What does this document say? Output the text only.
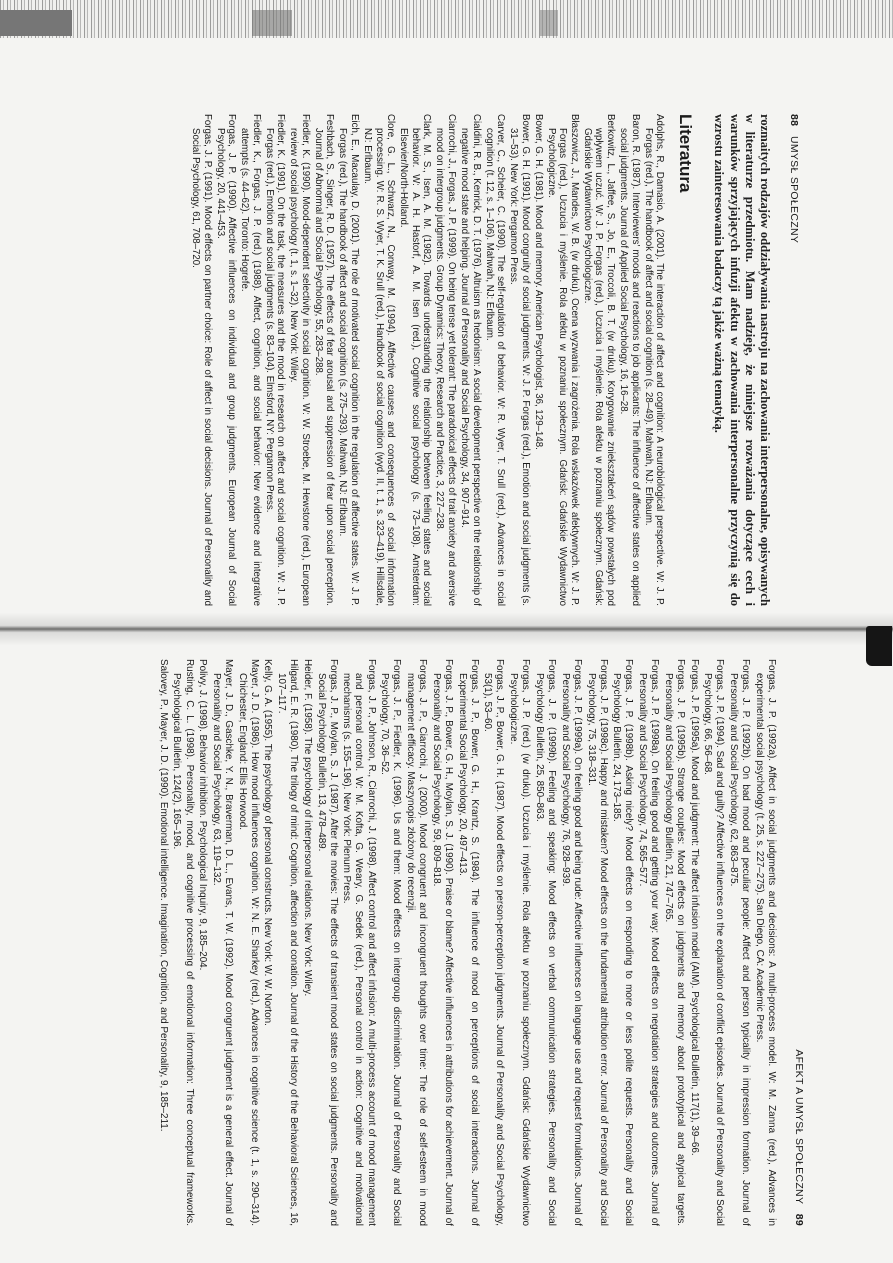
88   UMYSŁ SPOŁECZNY

rozmaitych rodzajów oddziaływania nastroju na zachowania interpersonalne, opisywanych w literaturze przedmiotu. Mam nadzieję, że niniejsze rozważania dotyczące cech i warunków sprzyjających infuzji afektu w zachowania interpersonalne przyczynią się do wzrostu zainteresowania badaczy tą jakże ważną tematyką.

Literatura
Adolphs, R., Damasio, A. (2001). The interaction of affect and cognition: A neurobiological perspective. W: J. P. Forgas (red.), The handbook of affect and social cognition (s. 28–49). Mahwah, NJ: Erlbaum.
Baron, R. (1987). Interviewers' moods and reactions to job applicants: The influence of affective states on applied social judgments. Journal of Applied Social Psychology, 16, 16–28.
Berkowitz, L., Jaffee, S., Jo, E., Troccoli, B. T. (w druku). Korygowanie zniekształceń sądów powstałych pod wpływem uczuć. W: J. P. Forgas (red.), Uczucia i myślenie. Rola afektu w poznaniu społecznym. Gdańsk: Gdańskie Wydawnictwo Psychologiczne.
Błaszowicz, J., Mandes, W. B. (w druku). Ocena wyzwania i zagrożenia. Rola wskazówek afektywnych. W: J. P. Forgas (red.), Uczucia i myślenie. Rola afektu w poznaniu społecznym. Gdańsk: Gdańskie Wydawnictwo Psychologiczne.
Bower, G. H. (1981). Mood and memory. American Psychologist, 36, 129–148.
Bower, G. H. (1991). Mood congruity of social judgments. W: J. P. Forgas (red.), Emotion and social judgments (s. 31–53). New York: Pergamon Press.
Carver, C., Scheier, C. (1990). The self-regulation of behavior. W: R. Wyer, T. Srull (red.), Advances in social cognition (t. 12, s. 1–106). Mahwah, NJ: Erlbaum.
Cialdini, R. B., Kenrick, D. T. (1976). Altruism as hedonism: A social development perspective on the relationship of negative mood state and helping. Journal of Personality and Social Psychology, 34, 907–914.
Ciarrochi, J., Forgas, J. P. (1999). On being tense yet tolerant: The paradoxical effects of trait anxiety and aversive mood on intergroup judgments. Group Dynamics: Theory, Research and Practice, 3, 227–238.
Clark, M. S., Isen, A. M. (1982). Towards understanding the relationship between feeling states and social behavior. W: A. H. Hastorf, A. M. Isen (red.), Cognitive social psychology (s. 73–108). Amsterdam: Elsevier/North-Holland.
Clore, G. L., Schwarz, N., Conway, M. (1994). Affective causes and consequences of social information processing. W: R. S. Wyer, T. K. Srull (red.), Handbook of social cognition (wyd. II, t. 1, s. 323–419). Hillsdale, NJ: Erlbaum.
Eich, E., Macaulay, D. (2001). The role of motivated social cognition in the regulation of affective states. W: J. P. Forgas (red.), The handbook of affect and social cognition (s. 275–293). Mahwah, NJ: Erlbaum.
Feshbach, S., Singer, R. D. (1957). The effects of fear arousal and suppression of fear upon social perception. Journal of Abnormal and Social Psychology, 55, 283–288.
Fiedler, K. (1990). Mood-dependent selectivity in social cognition. W: W. Stroebe, M. Hewstone (red.), European review of social psychology (t. 1, s. 1–32). New York: Wiley.
Fiedler, K. (1991). On the task, the measures and the mood in research on affect and social cognition. W: J. P. Forgas (red.), Emotion and social judgments (s. 83–104). Elmsford, NY: Pergamon Press.
Fiedler, K., Forgas, J. P. (red.) (1988). Affect, cognition, and social behavior: New evidence and integrative attempts (s. 44–62). Toronto: Hogrefe.
Forgas, J. P. (1990). Affective influences on individual and group judgments. European Journal of Social Psychology, 20, 441–453.
Forgas, J. P. (1991). Mood effects on partner choice: Role of affect in social decisions. Journal of Personality and Social Psychology, 61, 708–720.
AFEKT A UMYSŁ SPOŁECZNY   89
Forgas, J. P. (1992a). Affect in social judgments and decisions: A multi-process model. W: M. Zanna (red.), Advances in experimental social psychology (t. 25, s. 227–275). San Diego, CA: Academic Press.
Forgas, J. P. (1992b). On bad mood and peculiar people: Affect and person typicality in impression formation. Journal of Personality and Social Psychology, 62, 863–875.
Forgas, J. P. (1994). Sad and guilty? Affective influences on the explanation of conflict episodes. Journal of Personality and Social Psychology, 66, 56–68.
Forgas, J. P. (1995a). Mood and judgment: The affect infusion model (AIM). Psychological Bulletin, 117(1), 39–66.
Forgas, J. P. (1995b). Strange couples: Mood effects on judgments and memory about prototypical and atypical targets. Personality and Social Psychology Bulletin, 21, 747–765.
Forgas, J. P. (1998a). On feeling good and getting your way: Mood effects on negotiation strategies and outcomes. Journal of Personality and Social Psychology, 74, 565–577.
Forgas, J. P. (1998b). Asking nicely? Mood effects on responding to more or less polite requests. Personality and Social Psychology Bulletin, 24, 173–185.
Forgas, J. P. (1998c). Happy and mistaken? Mood effects on the fundamental attribution error. Journal of Personality and Social Psychology, 75, 318–331.
Forgas, J. P. (1999a). On feeling good and being rude: Affective influences on language use and request formulations. Journal of Personality and Social Psychology, 76, 928–939.
Forgas, J. P. (1999b). Feeling and speaking: Mood effects on verbal communication strategies. Personality and Social Psychology Bulletin, 25, 850–863.
Forgas, J. P. (red.) (w druku). Uczucia i myślenie. Rola afektu w poznaniu społecznym. Gdańsk: Gdańskie Wydawnictwo Psychologiczne.
Forgas, J. P., Bower, G. H. (1987). Mood effects on person-perception judgments. Journal of Personality and Social Psychology, 53(1), 53–60.
Forgas, J. P., Bower, G. H., Krantz, S. (1984). The influence of mood on perceptions of social interactions. Journal of Experimental Social Psychology, 20, 497–413.
Forgas, J. P., Bower, G. H., Moylan, S. J. (1990). Praise or blame? Affective influences in attributions for achievement. Journal of Personality and Social Psychology, 59, 809–818.
Forgas, J. P., Ciarrochi, J. (2000). Mood congruent and incongruent thoughts over time: The role of self-esteem in mood management efficacy. Maszynopis złożony do recenzji.
Forgas, J. P., Fiedler, K. (1996). Us and them: Mood effects on intergroup discrimination. Journal of Personality and Social Psychology, 70, 36–52.
Forgas, J. P., Johnson, R., Ciarrochi, J. (1998). Affect control and affect infusion: A multi-process account of mood management and personal control. W: M. Kofta, G. Weary, G. Sedek (red.), Personal control in action: Cognitive and motivational mechanisms (s. 155–196). New York: Plenum Press.
Forgas, J. P., Moylan, S. J. (1987). After the movies: The effects of transient mood states on social judgments. Personality and Social Psychology Bulletin, 13, 478–489.
Heider, F. (1958). The psychology of interpersonal relations. New York: Wiley.
Hilgard, E. R. (1980). The trilogy of mind: Cognition, affection and conation. Journal of the History of the Behavioral Sciences, 16, 107–117.
Kelly, G. A. (1955). The psychology of personal constructs. New York: W. W. Norton.
Mayer, J. D. (1986). How mood influences cognition. W: N. E. Sharkey (red.), Advances in cognitive science (t. 1, s. 290–314). Chichester, England: Ellis Horwood.
Mayer, J. D., Gaschke, Y. N., Braverman, D. L., Evans, T. W. (1992). Mood congruent judgment is a general effect. Journal of Personality and Social Psychology, 63, 119–132.
Polivy, J. (1998). Behavior inhibition. Psychological Inquiry, 9, 185–204.
Rusting, C. L. (1998). Personality, mood, and cognitive processing of emotional information: Three conceptual frameworks. Psychological Bulletin, 124(2), 165–196.
Salovey, P., Mayer, J. D. (1990). Emotional intelligence. Imagination, Cognition, and Personality, 9, 185–211.
